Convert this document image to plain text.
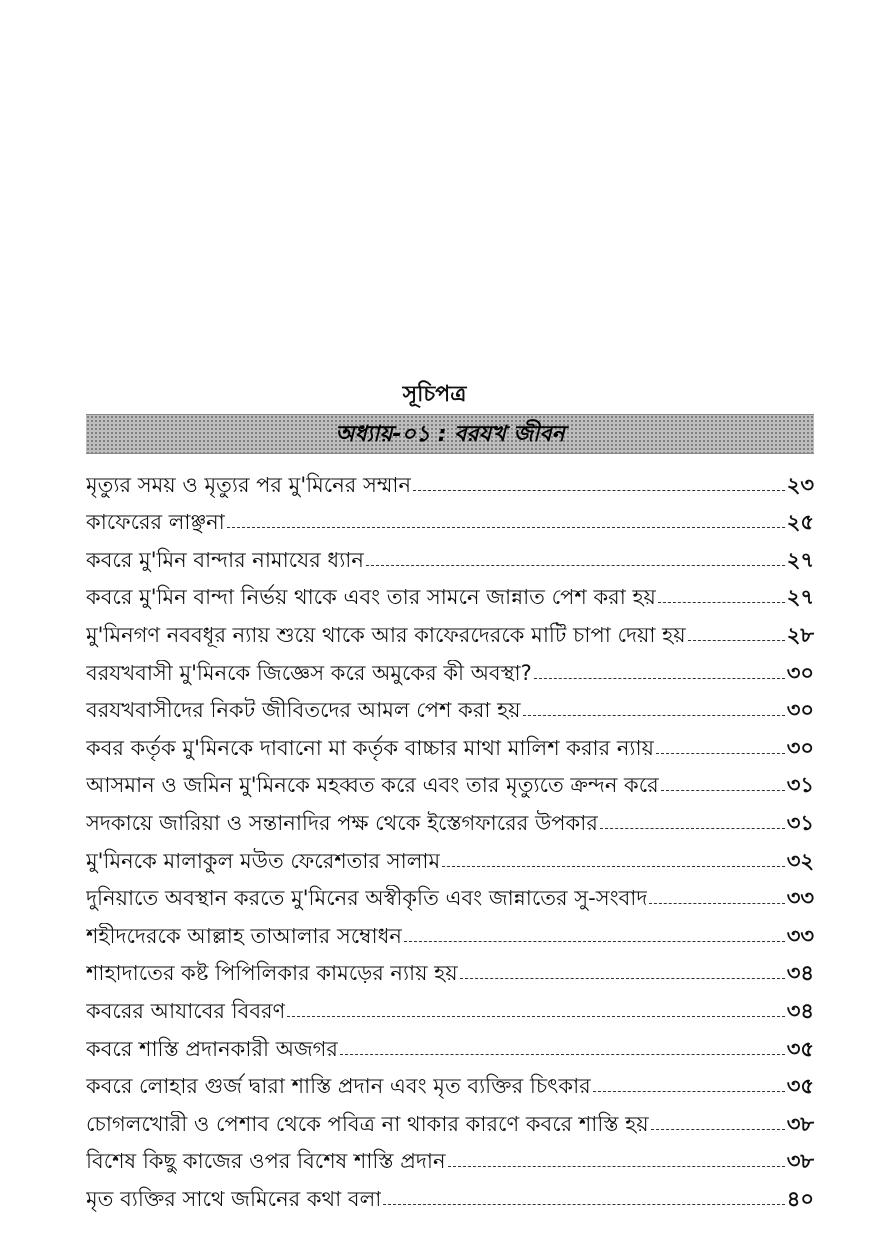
সূচিপত্র
অধ্যায়-০১ : বরযখ জীবন
মৃত্যুর সময় ও মৃত্যুর পর মু'মিনের সম্মান	২৩
কাফেরের লাঞ্ছনা	২৫
কবরে মু'মিন বান্দার নামাযের ধ্যান	২৭
কবরে মু'মিন বান্দা নির্ভয় থাকে এবং তার সামনে জান্নাত পেশ করা হয়	২৭
মু'মিনগণ নববধূর ন্যায় শুয়ে থাকে আর কাফেরদেরকে মাটি চাপা দেয়া হয়	২৮
বরযখবাসী মু'মিনকে জিজ্ঞেস করে অমুকের কী অবস্থা?	৩০
বরযখবাসীদের নিকট জীবিতদের আমল পেশ করা হয়	৩০
কবর কর্তৃক মু'মিনকে দাবানো মা কর্তৃক বাচ্চার মাথা মালিশ করার ন্যায়	৩০
আসমান ও জমিন মু'মিনকে মহব্বত করে এবং তার মৃত্যুতে ক্রন্দন করে	৩১
সদকায়ে জারিয়া ও সন্তানাদির পক্ষ থেকে ইস্তেগফারের উপকার	৩১
মু'মিনকে মালাকুল মউত ফেরেশতার সালাম	৩২
দুনিয়াতে অবস্থান করতে মু'মিনের অস্বীকৃতি এবং জান্নাতের সু-সংবাদ	৩৩
শহীদদেরকে আল্লাহ তাআলার সম্বোধন	৩৩
শাহাদাতের কষ্ট পিপিলিকার কামড়ের ন্যায় হয়	৩৪
কবরের আযাবের বিবরণ	৩৪
কবরে শাস্তি প্রদানকারী অজগর	৩৫
কবরে লোহার গুর্জ দ্বারা শাস্তি প্রদান এবং মৃত ব্যক্তির চিৎকার	৩৫
চোগলখোরী ও পেশাব থেকে পবিত্র না থাকার কারণে কবরে শাস্তি হয়	৩৮
বিশেষ কিছু কাজের ওপর বিশেষ শাস্তি প্রদান	৩৮
মৃত ব্যক্তির সাথে জমিনের কথা বলা	৪০
